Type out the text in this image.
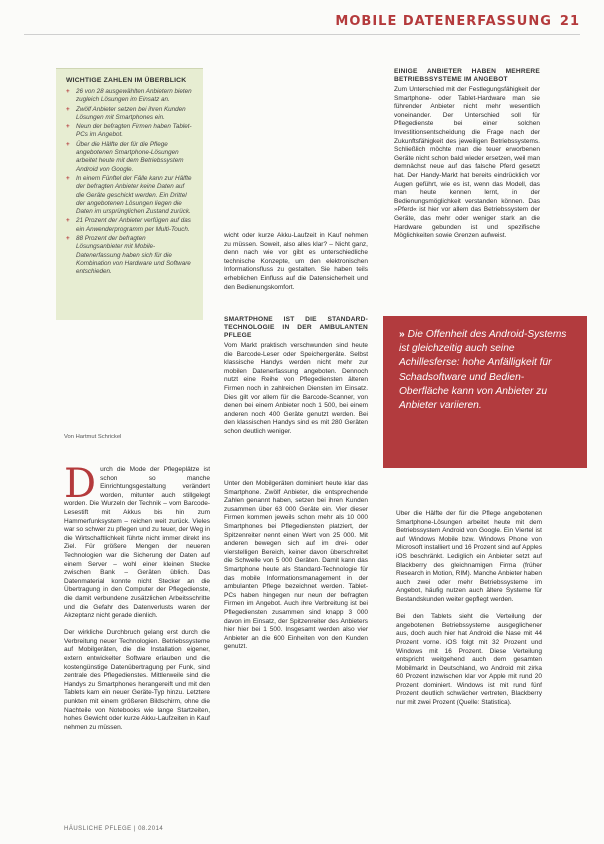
MOBILE DATENERFASSUNG 21
WICHTIGE ZAHLEN IM ÜBERBLICK
+ 26 von 28 ausgewählten Anbietern bieten zugleich Lösungen im Einsatz an.
+ Zwölf Anbieter setzen bei ihren Kunden Lösungen mit Smartphones ein.
+ Neun der befragten Firmen haben Tablet-PCs im Angebot.
+ Über die Hälfte der für die Pflege angebotenen Smartphone-Lösungen arbeitet heute mit dem Betriebssystem Android von Google.
+ In einem Fünftel der Fälle kann zur Hälfte der befragten Anbieter keine Daten auf die Geräte geschickt werden. Ein Drittel der angebotenen Lösungen liegen die Daten im ursprünglichen Zustand zurück.
+ 21 Prozent der Anbieter verfügen auf das ein Anwenderprogramm per Multi-Touch.
+ 88 Prozent der befragten Lösungsanbieter mit Mobile-Datenerfassung haben sich für die Kombination von Hardware und Software entschieden.
Von Hartmut Schrickel
D urch die Mode der Pflegeplätze ist schon so manche Einrichtungsgestaltung verändert worden, mitunter auch stillgelegt worden. Die Wurzeln der Technik – vom Barcode-Lesestift mit Akkus bis hin zum Hammerfunksystem – reichen weit zurück. Vieles war so schwer zu pflegen und zu teuer, der Weg in die Wirtschaftlichkeit führte nicht immer direkt ins Ziel. Für größere Mengen der neueren Technologien war die Sicherung der Daten auf einem Server – wohl einer kleinen Stecke zwischen Bank – Geräten üblich. Das Datenmaterial konnte nicht Stecker an die Übertragung in den Computer der Pflegedienste, die damit verbundene zusätzlichen Arbeitsschritte und die Gefahr des Datenverlusts waren der Akzeptanz nicht gerade dienlich.

Der wirkliche Durchbruch gelang erst durch die Verbreitung neuer Technologien. Betriebssysteme auf Mobilgeräten, die die Installation eigener, extern entwickelter Software erlauben und die kostengünstige Datenübertragung per Funk, sind zentrale des Pflegedienstes. Mittlerweile sind die Handys zu Smartphones herangereift und mit den Tablets kam ein neuer Geräte-Typ hinzu. Letztere punkten mit einem größeren Bildschirm, ohne die Nachteile von Notebooks wie lange Startzeiten, hohes Gewicht oder kurze Akku-Laufzeiten in Kauf nehmen zu müssen.

wicht oder kurze Akku-Laufzeit in Kauf nehmen zu müssen. Soweit, also alles klar? – Nicht ganz, denn nach wie vor gibt es unterschiedliche technische Konzepte, um den elektronischen Informationsfluss zu gestalten. Sie haben teils erheblichen Einfluss auf die Datensicherheit und den Bedienungskomfort.

SMARTPHONE IST DIE STANDARD-TECHNOLOGIE IN DER AMBULANTEN PFLEGE

Vom Markt praktisch verschwunden sind heute die Barcode-Leser oder Speichergeräte. Selbst klassische Handys werden nicht mehr zur mobilen Datenerfassung angeboten. Dennoch nutzt eine Reihe von Pflegediensten älteren Firmen noch in zahlreichen Diensten im Einsatz. Dies gilt vor allem für die Barcode-Scanner, von denen bei einem Anbieter noch 1 500, bei einem anderen noch 400 Geräte genutzt werden. Bei den klassischen Handys sind es mit 280 Geräten schon deutlich weniger.

Unter den Mobilgeräten dominiert heute klar das Smartphone. Zwölf Anbieter, die entsprechende Zahlen genannt haben, setzen bei ihren Kunden zusammen über 63 000 Geräte ein. Vier dieser Firmen kommen jeweils schon mehr als 10 000 Smartphones bei Pflegediensten platziert, der Spitzenreiter nennt einen Wert von 25 000. Mit anderen bewegen sich auf im drei- oder vierstelligen Bereich, keiner davon überschreitet die Schwelle von 5 000 Geräten. Damit kann das Smartphone heute als Standard-Technologie für das mobile Informationsmanagement in der ambulanten Pflege bezeichnet werden. Tablet-PCs haben hingegen nur neun der befragten Firmen im Angebot. Auch ihre Verbreitung ist bei Pflegediensten zusammen sind knapp 3 000 davon im Einsatz, der Spitzenreiter des Anbieters hier hier bei 1 500. Insgesamt werden also vier Anbieter an die 600 Einheiten von den Kunden genutzt.

EINIGE ANBIETER HABEN MEHRERE BETRIEBSSYSTEME IM ANGEBOT

Zum Unterschied mit der Festlegungsfähigkeit der Smartphone- oder Tablet-Hardware man sie führender Anbieter nicht mehr wesentlich voneinander. Der Unterschied soll für Pflegedienste bei einer solchen Investitionsentscheidung die Frage nach der Zukunftsfähigkeit des jeweiligen Betriebssystems. Schließlich möchte man die teuer erworbenen Geräte nicht schon bald wieder ersetzen, weil man demnächst neue auf das falsche Pferd gesetzt hat. Der Handy-Markt hat bereits eindrücklich vor Augen geführt, wie es ist, wenn das Modell, das man heute kennen lernt, in der Bedienungsmöglichkeit verstanden können. Das »Pferd« ist hier vor allem das Betriebssystem der Geräte, das mehr oder weniger stark an die Hardware gebunden ist und spezifische Möglichkeiten sowie Grenzen aufweist.

» Die Offenheit des Android-Systems ist gleichzeitig auch seine Achillesferse: hohe Anfälligkeit für Schadsoftware und Bedien-Oberfläche kann von Anbieter zu Anbieter variieren.

Über die Hälfte der für die Pflege angebotenen Smartphone-Lösungen arbeitet heute mit dem Betriebssystem Android von Google. Ein Viertel ist auf Windows Mobile bzw. Windows Phone von Microsoft installiert und 16 Prozent sind auf Apples iOS beschränkt. Lediglich ein Anbieter setzt auf Blackberry des gleichnamigen Firma (früher Research in Motion, RIM). Manche Anbieter haben auch zwei oder mehr Betriebssysteme im Angebot, häufig nutzen auch ältere Systeme für Bestandskunden weiter gepflegt werden.

Bei den Tablets sieht die Verteilung der angebotenen Betriebssysteme ausgeglichener aus, doch auch hier hat Android die Nase mit 44 Prozent vorne. iOS folgt mit 32 Prozent und Windows mit 16 Prozent. Diese Verteilung entspricht weitgehend auch dem gesamten Mobilmarkt in Deutschland, wo Android mit zirka 60 Prozent inzwischen klar vor Apple mit rund 20 Prozent dominiert. Windows ist mit rund fünf Prozent deutlich schwächer vertreten, Blackberry nur mit zwei Prozent (Quelle: Statistica).

HÄUSLICHE PFLEGE | 08.2014
